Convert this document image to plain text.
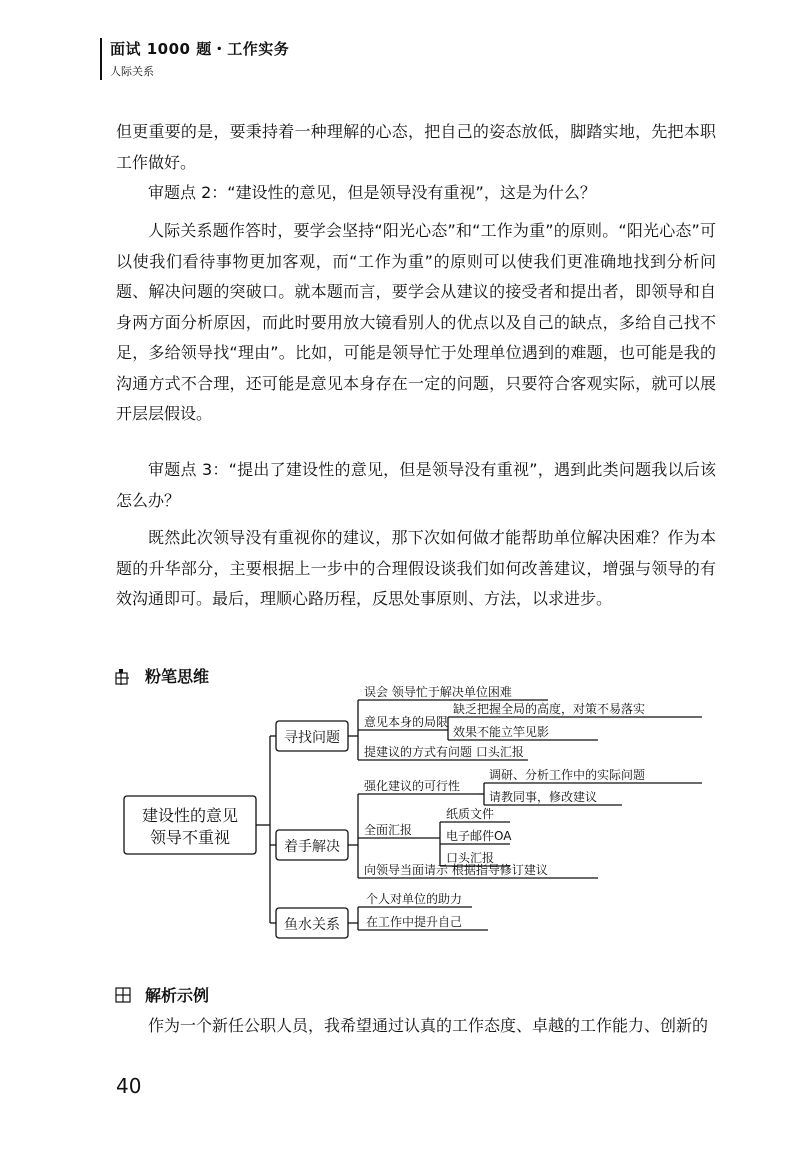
面试 1000 题・工作实务
人际关系

但更重要的是，要秉持着一种理解的心态，把自己的姿态放低，脚踏实地，先把本职工作做好。

审题点 2：“建设性的意见，但是领导没有重视”，这是为什么？

人际关系题作答时，要学会坚持“阳光心态”和“工作为重”的原则。“阳光心态”可以使我们看待事物更加客观，而“工作为重”的原则可以使我们更准确地找到分析问题、解决问题的突破口。就本题而言，要学会从建议的接受者和提出者，即领导和自身两方面分析原因，而此时要用放大镜看别人的优点以及自己的缺点，多给自己找不足，多给领导找“理由”。比如，可能是领导忙于处理单位遇到的难题，也可能是我的沟通方式不合理，还可能是意见本身存在一定的问题，只要符合客观实际，就可以展开层层假设。

审题点 3：“提出了建设性的意见，但是领导没有重视”，遇到此类问题我以后该怎么办？

既然此次领导没有重视你的建议，那下次如何做才能帮助单位解决困难？作为本题的升华部分，主要根据上一步中的合理假设谈我们如何改善建议，增强与领导的有效沟通即可。最后，理顺心路历程，反思处事原则、方法，以求进步。

粉笔思维
建设性的意见
领导不重视
寻找问题
着手解决
鱼水关系
误会 领导忙于解决单位困难
意见本身的局限
提建议的方式有问题 口头汇报
缺乏把握全局的高度，对策不易落实
效果不能立竿见影
强化建议的可行性
全面汇报
向领导当面请示 根据指导修订建议
调研、分析工作中的实际问题
请教同事，修改建议
纸质文件
电子邮件OA
口头汇报
个人对单位的助力
在工作中提升自己
解析示例

作为一个新任公职人员，我希望通过认真的工作态度、卓越的工作能力、创新的

40
